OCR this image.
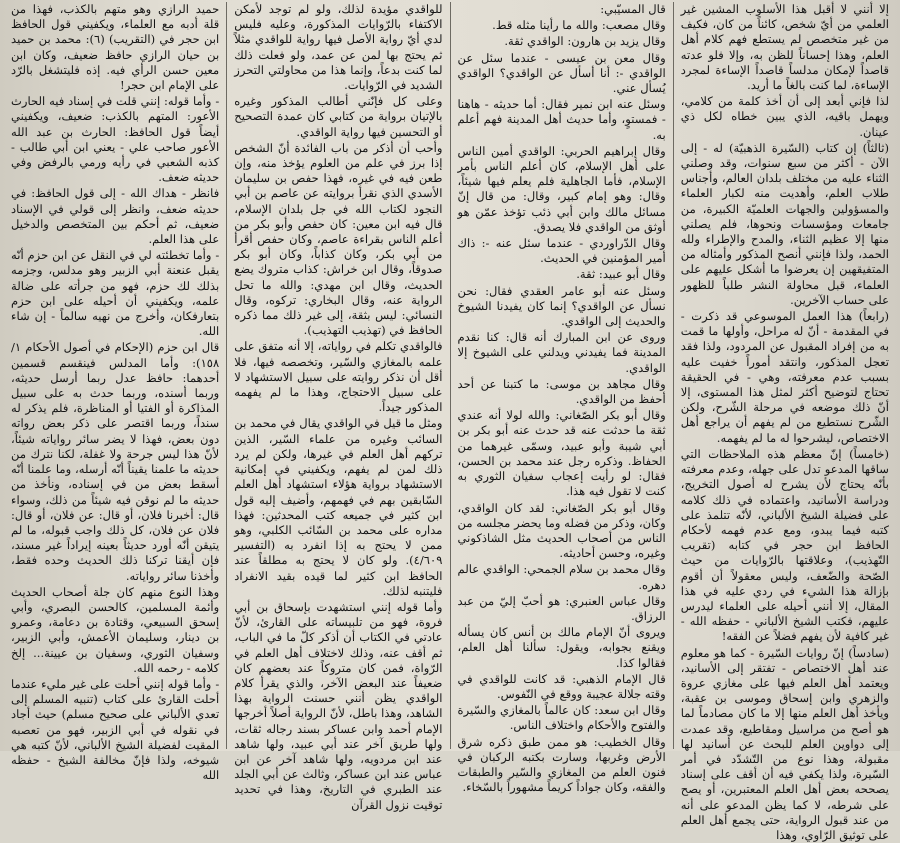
إلا أنني لا أقبل هذا الأسلوب المشين غير العلمي من أيّ شخص، كائناً من كان، فكيف من غير متخصص لم يستطع فهم كلام أهل العلم، وهذا إحساناً للظن به، وإلا فلو عدته قاصداً لإمكان مدلساً قاصداً الإساءة لمجرد الإساءة، لما كنت بالغاً ما أريد.

لذا فإني أبعد إلى أن أخذ كلمة من كلامي، ويهمل باقيه، الذي يبين خطاه لكل ذي عينان.

(ثالثاً) إن كتاب (السّيرة الذهبيّة) له - إلى الآن - أكثر من سبع سنوات، وقد وصلني الثناء عليه من مختلف بلدان العالم، وأجناس طلاب العلم، وأهديت منه لكبار العلماء والمسؤولين والجهات العلميّة الكبيرة، من جامعات ومؤسسات ونحوها، فلم يصلني منها إلا عظيم الثناء، والمدح والإطراء ولله الحمد، ولذا فإنني أنصح المذكور وأمثاله من المتفيقهين إن يعرضوا ما أشكل عليهم على العلماء، قبل محاولة النشر طلباً للظهور على حساب الآخرين.

(رابعاً) هذا العمل الموسوعي قد ذكرت - في المقدمة - أنّ له مراحل، وأولها ما قمت به من إفراد المقبول عن المردود، ولذا فقد تعجل المذكور، وانتقد أموراً خفيت عليه بسبب عدم معرفته، وهي - في الحقيقة تحتاج لتوضيح أكثر لمثل هذا المستوى، إلا أنّ ذلك موضعه في مرحلة الشّرح، ولكن الشّرح نستطيع من لم يفهم أن يراجع أهل الاختصاص، ليشرحوا له ما لم يفهمه.

(خامساً) إنّ معظم هذه الملاحظات التي ساقها المدعو تدل على جهله، وعدم معرفته بأنّه يحتاج لأن يشرح له أصول التخريج، ودراسة الأسانيد، واعتماده في ذلك كلامه على فضيلة الشيخ الألباني، لأنّه تتلمذ على كتبه فيما يبدو، ومع عدم فهمه لأحكام الحافظ ابن حجر في كتابه (تقريب التّهذيب)، وعلاقتها بالرّوايات من حيث الصّحة والضّعف، وليس معقولاً أن أقوم بإزالة هذا الشيء في ردي عليه في هذا المقال، إلا أنني أحيله على العلماء ليدرس عليهم، فكتب الشيخ الألباني - حفظه الله - غير كافية لأن يفهم فضلاً عن الفقه!

(سادساً) إنّ روايات السّيرة - كما هو معلوم عند أهل الاختصاص - تفتقر إلى الأسانيد، ويعتمد أهل العلم فيها على مغازي عروة والزهري وابن إسحاق وموسى بن عقبة، ويأخذ أهل العلم منها إلا ما كان مصادماً لما هو أصح من مراسيل ومقاطيع، وقد عمدت إلى دواوين العلم للبحث عن أسانيد لها مقبولة، وهذا نوع من التّشدّد في أمر السّيرة، ولذا يكفي فيه أن أقف على إسناد يصححه بعض أهل العلم المعتبرين، أو يصح على شرطه، لا كما يظن المدعو على أنه من عند قبول الرواية، حتى يجمع أهل العلم على توثيق الرّاوي، وهذا

قال المسيّبي:

وقال مصعب: والله ما رأينا مثله قط.

وقال يزيد بن هارون: الواقدي ثقة.

وقال معن بن عيسى - عندما سئل عن الواقدي -: أنا أسأل عن الواقدي؟ الواقدي يُسأل عني.

وسئل عنه ابن نمير فقال: أما حديثه - هاهنا - فمستوٍ، وأما حديث أهل المدينة فهم أعلم به.

وقال إبراهيم الحربي: الواقدي أمين الناس على أهل الإسلام، كان أعلم الناس بأمر الإسلام، فأما الجاهلية فلم يعلم فيها شيئاً، وقال: وهو إمام كبير، وقال: من قال إنّ مسائل مالك وابن أبي ذئب تؤخذ عمّن هو أوثق من الواقدي فلا يصدق.

وقال الدّراوردي - عندما سئل عنه -: ذاك أمير المؤمنين في الحديث.

وقال أبو عبيد: ثقة.

وسئل عنه أبو عامر العقدي فقال: نحن نسأل عن الواقدي؟ إنما كان يفيدنا الشيوخ والحديث إلى الواقدي.

وروى عن ابن المبارك أنه قال: كنا نقدم المدينة فما يفيدني ويدلني على الشيوخ إلا الواقدي.

وقال مجاهد بن موسى: ما كتبنا عن أحد أحفظ من الواقدي.

وقال أبو بكر الصّغاني: والله لولا أنه عندي ثقة ما حدثت عنه قد حدث عنه أبو بكر بن أبي شيبة وأبو عبيد، وسمّى غيرهما من الحفاظ. وذكره رجل عند محمد بن الحسن، فقال: لو رأيت إعجاب سفيان الثوري به كنت لا تقول فيه هذا.

وقال أبو بكر الصّغاني: لقد كان الواقدي، وكان، وذكر من فضله وما يحضر مجلسه من الناس من أصحاب الحديث مثل الشاذكوني وغيره، وحسن أحاديثه.

وقال محمد بن سلام الجمحي: الواقدي عالم دهره.

وقال عباس العنبري: هو أحبّ إليّ من عبد الرزاق.

ويروى أنّ الإمام مالك بن أنس كان يسأله ويقنع بجوابه، ويقول: سألنا أهل العلم، فقالوا كذا.

قال الإمام الذهبي: قد كانت للواقدي في وقته جلالة عجيبة ووقع في النّفوس.

وقال ابن سعد: كان عالماً بالمغازي والسّيرة والفتوح والأحكام واختلاف الناس.

وقال الخطيب: هو ممن طبق ذكره شرق الأرض وغربها، وسارت بكتبه الركبان في فنون العلم من المغازي والسّير والطبقات والفقه، وكان جواداً كريماً مشهوراً بالسّخاء.

للواقدي مؤيدة لذلك، ولو لم توجد لأمكن الاكتفاء بالرّوايات المذكورة، وعليه فليس لدي أيّ رواية الأصل فيها رواية للواقدي مثلاً ثم يحتج بها لمن عن عمد، ولو فعلت ذلك لما كنت بدعاً، وإنما هذا من محاولتي التحرز الشديد في الرّوايات.

وعلى كل فإنّني أطالب المذكور وغيره بالإتيان برواية من كتابي كان عمدة التصحيح أو التحسين فيها رواية الواقدي.

وأحب أن أذكر من باب الفائدة أنّ الشخص إذا برز في علم من العلوم يؤخذ منه، وإن طعن فيه في غيره، فهذا حفص بن سليمان الأسدي الذي نقرأ بروايته عن عاصم بن أبي النجود لكتاب الله في جل بلدان الإسلام، قال فيه ابن معين: كان حفص وأبو بكر من أعلم الناس بقراءة عاصم، وكان حفص أقرأ من أبي بكر، وكان كذاباً، وكان أبو بكر صدوقاً، وقال ابن خراش: كذاب متروك يضع الحديث، وقال ابن مهدي: والله ما تحل الرواية عنه، وقال البخاري: تركوه، وقال النسائي: ليس بثقة، إلى غير ذلك مما ذكره الحافظ في (تهذيب التهذيب).

فالواقدي تكلم في رواياته، إلا أنه متفق على علمه بالمغازي والسّير، وتخصصه فيها، فلا أقل أن نذكر روايته على سبيل الاستشهاد لا على سبيل الاحتجاج، وهذا ما لم يفهمه المذكور جيداً.

ومثل ما قيل في الواقدي يقال في محمد بن السائب وغيره من علماء السّير، الذين تركهم أهل العلم في غيرها، ولكن لم يرد ذلك لمن لم يفهم، ويكفيني في إمكانية الاستشهاد برواية هؤلاء استشهاد أهل العلم السّابقين بهم في فهمهم، وأضيف إليه قول ابن كثير في جميعه كتب المحدثين: فهذا مداره على محمد بن السّائب الكلبي، وهو ممن لا يحتج به إذا انفرد به (التفسير ٤/٦٠٩). ولو كان لا يحتج به مطلقاً عند الحافظ ابن كثير لما قيده بقيد الانفراد فليتنبه لذلك.

وأما قوله إنني استشهدت بإسحاق بن أبي فروة، فهو من تلبيساته على القارئ، لأنّ عادتي في الكتاب أن أذكر كلّ ما في الباب، ثم أقف عنه، وذلك لاختلاف أهل العلم في الرّواة، فمن كان متروكاً عند بعضهم كان ضعيفاً عند البعض الآخر، والذي يقرأ كلام الواقدي يظن أنني حسنت الرواية بهذا الشاهد، وهذا باطل، لأنّ الرواية أصلاً أخرجها الإمام أحمد وابن عساكر بسند رجاله ثقات، ولها طريق آخر عند أبي عبيد، ولها شاهد عند ابن مردويه، ولها شاهد آخر عن ابن عباس عند ابن عساكر، وثالث عن أبي الجلد عند الطبري في التاريخ، وهذا في تحديد توقيت نزول القرآن

حميد الرازي وهو متهم بالكذب، فهذا من قلة أدبه مع العلماء، ويكفيني قول الحافظ ابن حجر في (التقريب) (٦): محمد بن حميد بن حيان الرازي حافظ ضعيف، وكان ابن معين حسن الرأي فيه. إذه فليتشغل بالرّد على الإمام ابن حجر!

- وأما قوله: إنني قلت في إسناد فيه الحارث الأعور: المتهم بالكذب: ضعيف، ويكفيني أيضاً قول الحافظ: الحارث بن عبد الله الأعور صاحب علي - يعني ابن أبي طالب - كذبه الشعبي في رأيه ورمي بالرفض وفي حديثه ضعف.

فانظر - هداك الله - إلى قول الحافظ: في حديثه ضعف، وانظر إلى قولي في الإسناد ضعيف، ثم أحكم بين المتخصص والدخيل على هذا العلم.

- وأما تخطئته لي في النقل عن ابن حزم أنّه يقبل عنعنة أبي الزبير وهو مدلس، وجزمه بذلك لك حزم، فهو من جرأته على ضالة علمه، ويكفيني أن أحيله على ابن حزم بتعارفكان، وأخرج من نهيه سالماً - إن شاء الله.

قال ابن حزم (الإحكام في أصول الأحكام ١/ ١٥٨): وأما المدلس فينقسم قسمين أحدهما: حافظ عدل ربما أرسل حديثه، وربما أسنده، وربما حدث به على سبيل المذاكرة أو الفتيا أو المناظرة، فلم يذكر له سنداً، وربما اقتصر على ذكر بعض رواته دون بعض، فهذا لا يضر سائر رواياته شيئاً، لأنّ هذا ليس جرحة ولا غفلة، لكنا نترك من حديثه ما علمنا يقيناً أنّه أرسله، وما علمنا أنّه أسقط بعض من في إسناده، ونأخذ من حديثه ما لم نوقن فيه شيئاً من ذلك، وسواء قال: أخبرنا فلان، أو قال: عن فلان، أو قال: فلان عن فلان، كل ذلك واجب قبوله، ما لم يتيقن أنّه أورد حديثاً بعينه إيراداً غير مسند، فإن أيقنا تركنا ذلك الحديث وحده فقط، وأخذنا سائر رواياته.

وهذا النوع منهم كان جلة أصحاب الحديث وأئمة المسلمين، كالحسن البصري، وأبي إسحق السبيعي، وقتادة بن دعامة، وعمرو بن دينار، وسليمان الأعمش، وأبي الزبير، وسفيان الثوري، وسفيان بن عيينة... إلخ كلامه - رحمه الله.

- وأما قوله إنني أحلت على غير مليء عندما أحلت القارئ على كتاب (تنبيه المسلم إلى تعدي الألباني على صحيح مسلم) حيث أجاد في نقوله في أبي الزبير، فهو من تعصبه المقيت لفضيلة الشيخ الألباني، لأنّ كتبه هي شيوخه، ولذا فإنّ مخالفة الشيخ - حفظه الله
